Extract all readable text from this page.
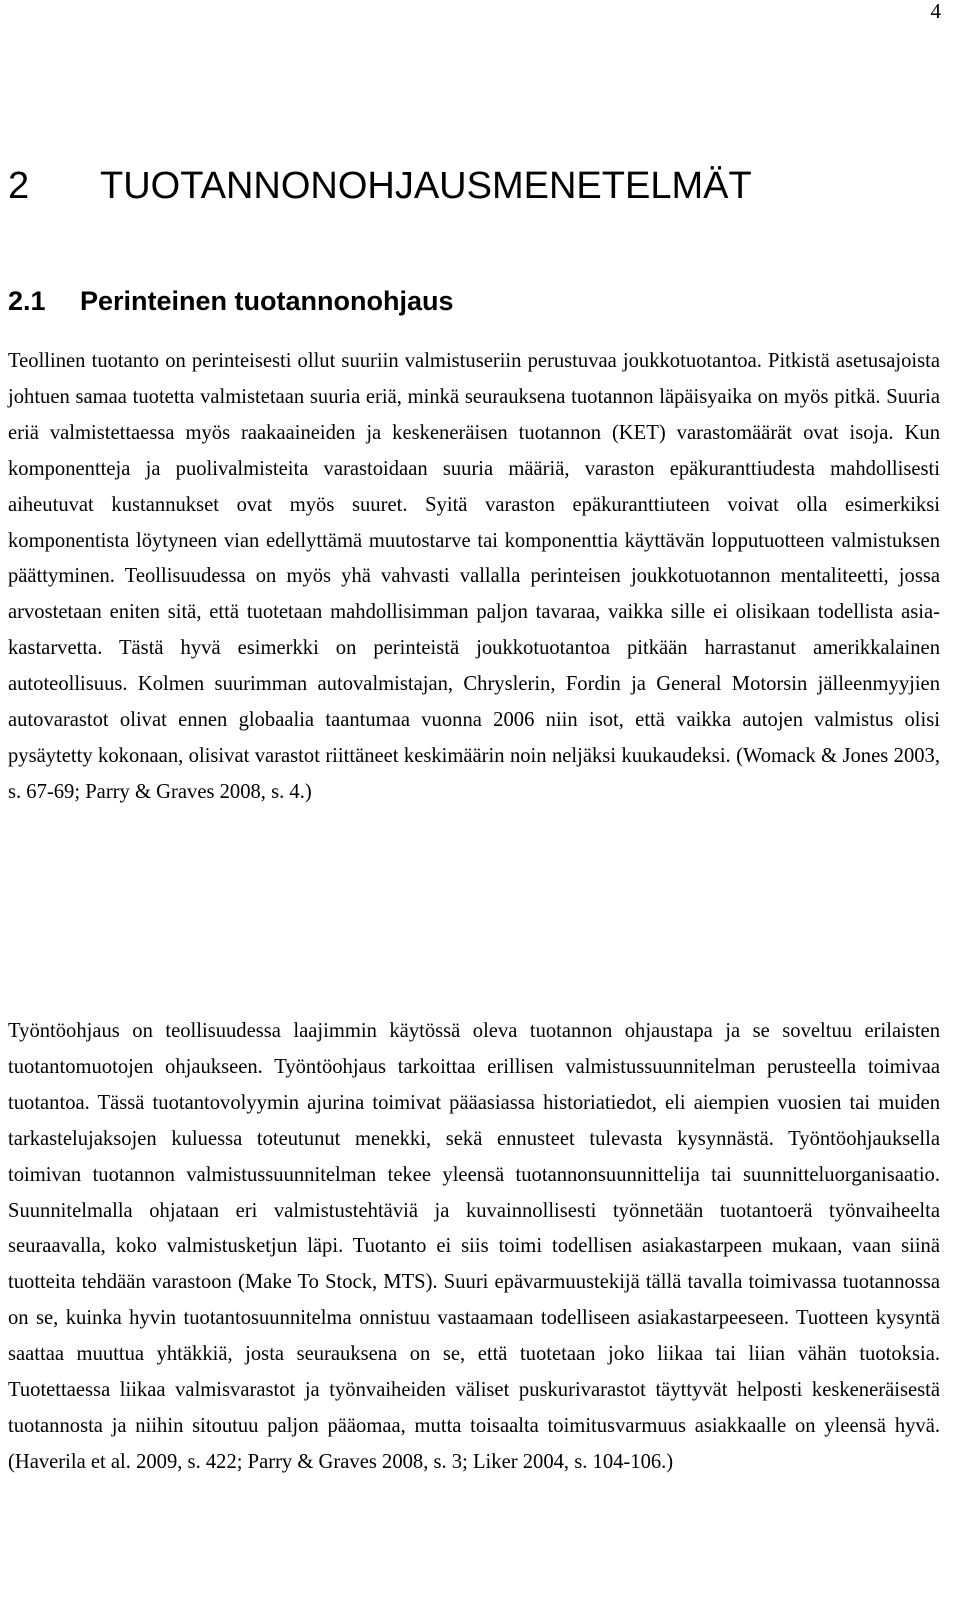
4

2 TUOTANNONOHJAUSMENETELMÄT
2.1 Perinteinen tuotannonohjaus

Teollinen tuotanto on perinteisesti ollut suuriin valmistuseriin perustuvaa joukkotuotantoa. Pitkistä asetusajoista johtuen samaa tuotetta valmistetaan suuria eriä, minkä seurauksena tuotannon läpäisyaika on myös pitkä. Suuria eriä valmistettaessa myös raakaaineiden ja keskeneräisen tuotannon (KET) varastomäärät ovat isoja. Kun komponentteja ja puolivalmisteita varastoidaan suuria määriä, varaston epäkuranttiudesta mahdollisesti aiheutuvat kustannukset ovat myös suuret. Syitä varaston epäkuranttiuteen voivat olla esimerkiksi komponentista löytyneen vian edellyttämä muutostarve tai komponenttia käyttävän lopputuotteen valmistuksen päättyminen. Teollisuudessa on myös yhä vahvasti vallalla perinteisen joukkotuotannon mentaliteetti, jossa arvostetaan eniten sitä, että tuotetaan mahdollisimman paljon tavaraa, vaikka sille ei olisikaan todellista asiakastarvetta. Tästä hyvä esimerkki on perinteistä joukkotuotantoa pitkään harrastanut amerikkalainen autoteollisuus. Kolmen suurimman autovalmistajan, Chryslerin, Fordin ja General Motorsin jälleenmyyjien autovarastot olivat ennen globaalia taantumaa vuonna 2006 niin isot, että vaikka autojen valmistus olisi pysäytetty kokonaan, olisivat varastot riittäneet keskimäärin noin neljäksi kuukaudeksi. (Womack & Jones 2003, s. 67-69; Parry & Graves 2008, s. 4.)

Työntöohjaus on teollisuudessa laajimmin käytössä oleva tuotannon ohjaustapa ja se soveltuu erilaisten tuotantomuotojen ohjaukseen. Työntöohjaus tarkoittaa erillisen valmistussuunnitelman perusteella toimivaa tuotantoa. Tässä tuotantovolyymin ajurina toimivat pääasiassa historiatiedot, eli aiempien vuosien tai muiden tarkastelujaksojen kuluessa toteutunut menekki, sekä ennusteet tulevasta kysynnästä. Työntöohjauksella toimivan tuotannon valmistussuunnitelman tekee yleensä tuotannonsuunnittelija tai suunnitteluorganisaatio. Suunnitelmalla ohjataan eri valmistustehtäviä ja kuvainnollisesti työnnetään tuotantoerä työnvaiheelta seuraavalla, koko valmistusketjun läpi. Tuotanto ei siis toimi todellisen asiakastarpeen mukaan, vaan siinä tuotteita tehdään varastoon (Make To Stock, MTS). Suuri epävarmuustekijä tällä tavalla toimivassa tuotannossa on se, kuinka hyvin tuotantosuunnitelma onnistuu vastaamaan todelliseen asiakastarpeeseen. Tuotteen kysyntä saattaa muuttua yhtäkkiä, josta seurauksena on se, että tuotetaan joko liikaa tai liian vähän tuotoksia. Tuotettaessa liikaa valmisvarastot ja työnvaiheiden väliset puskurivarastot täyttyvät helposti keskeneräisestä tuotannosta ja niihin sitoutuu paljon pääomaa, mutta toisaalta toimitusvarmuus asiakkaalle on yleensä hyvä. (Haverila et al. 2009, s. 422; Parry & Graves 2008, s. 3; Liker 2004, s. 104-106.)
